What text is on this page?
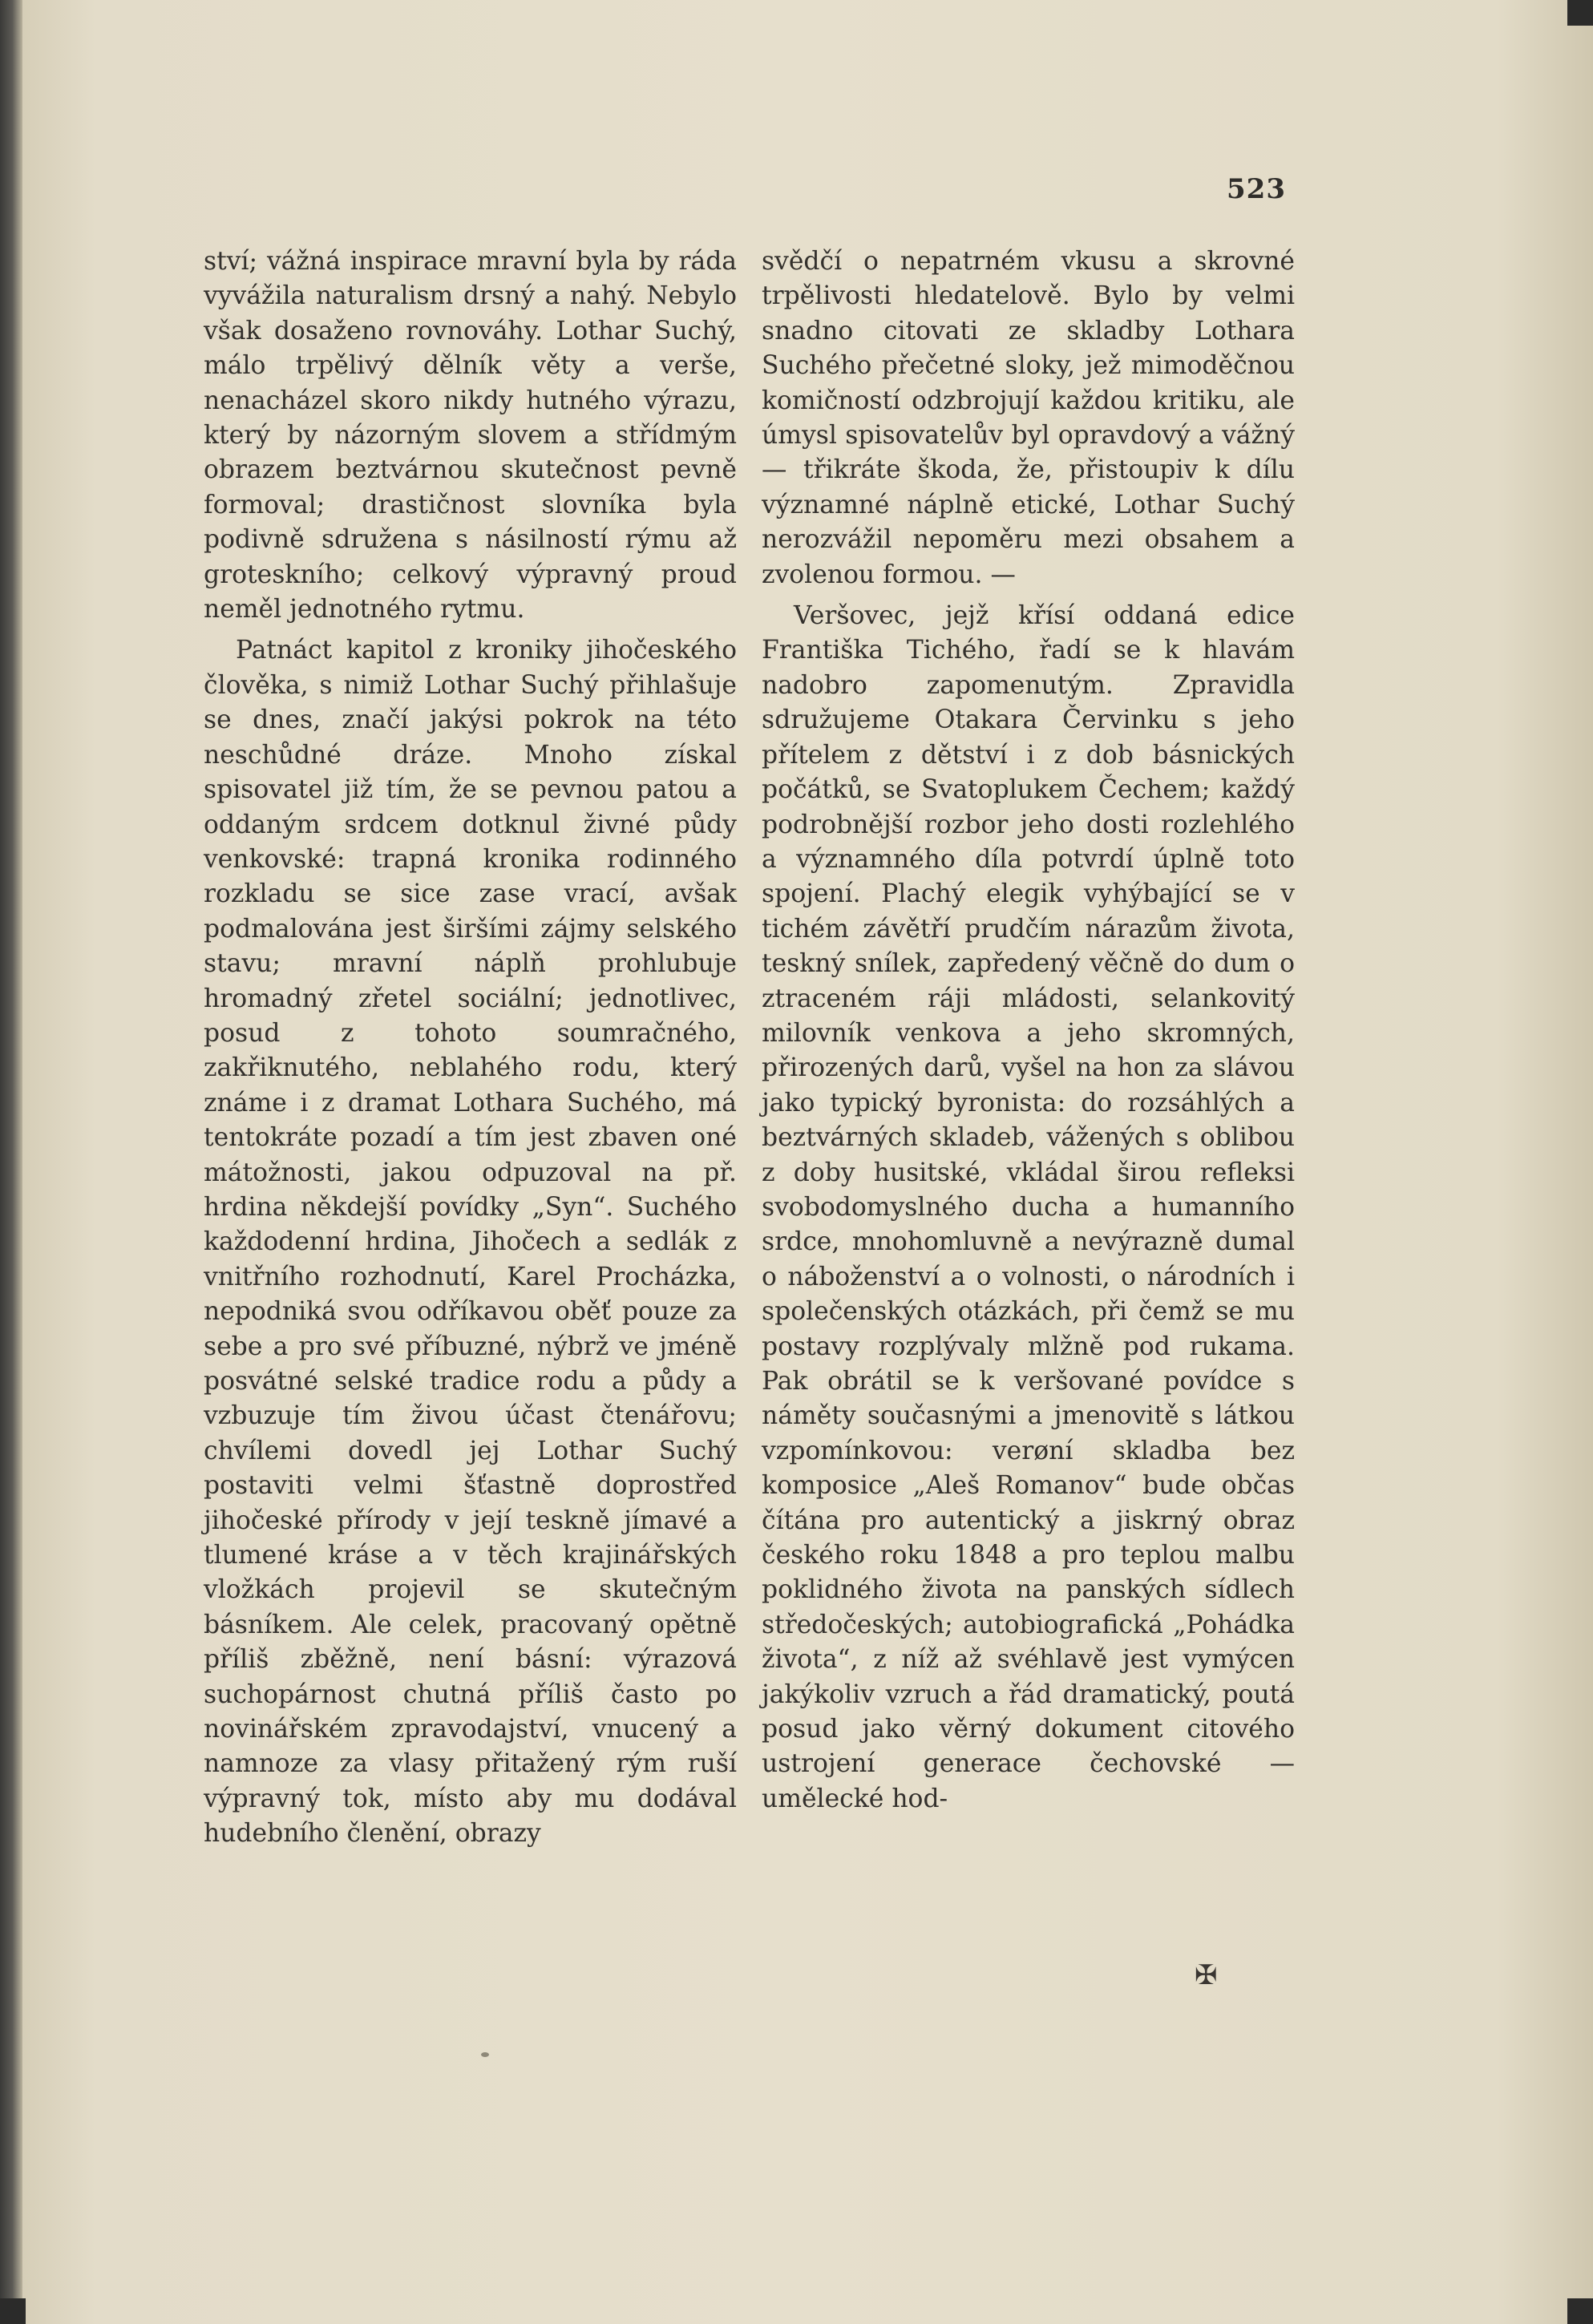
523

ství; vážná inspirace mravní byla by ráda vyvážila naturalism drsný a nahý. Nebylo však dosaženo rovnováhy. Lothar Suchý, málo trpělivý dělník věty a verše, nenacházel skoro nikdy hutného výrazu, který by názorným slovem a střídmým obrazem beztvárnou skutečnost pevně formoval; drastičnost slovníka byla podivně sdružena s násilností rýmu až groteskního; celkový výpravný proud neměl jednotného rytmu.

Patnáct kapitol z kroniky jihočeského člověka, s nimiž Lothar Suchý přihlašuje se dnes, značí jakýsi pokrok na této neschůdné dráze. Mnoho získal spisovatel již tím, že se pevnou patou a oddaným srdcem dotknul živné půdy venkovské: trapná kronika rodinného rozkladu se sice zase vrací, avšak podmalována jest širšími zájmy selského stavu; mravní náplň prohlubuje hromadný zřetel sociální; jednotlivec, posud z tohoto soumračného, zakřiknutého, neblahého rodu, který známe i z dramat Lothara Suchého, má tentokráte pozadí a tím jest zbaven oné mátožnosti, jakou odpuzoval na př. hrdina někdejší povídky „Syn“. Suchého každodenní hrdina, Jihočech a sedlák z vnitřního rozhodnutí, Karel Procházka, nepodniká svou odříkavou oběť pouze za sebe a pro své příbuzné, nýbrž ve jméně posvátné selské tradice rodu a půdy a vzbuzuje tím živou účast čtenářovu; chvílemi dovedl jej Lothar Suchý postaviti velmi šťastně doprostřed jihočeské přírody v její teskně jímavé a tlumené kráse a v těch krajinářských vložkách projevil se skutečným básníkem. Ale celek, pracovaný opětně příliš zběžně, není básní: výrazová suchopárnost chutná příliš často po novinářském zpravodajství, vnucený a namnoze za vlasy přitažený rým ruší výpravný tok, místo aby mu dodával hudebního členění, obrazy

svědčí o nepatrném vkusu a skrovné trpělivosti hledatelově. Bylo by velmi snadno citovati ze skladby Lothara Suchého přečetné sloky, jež mimoděčnou komičností odzbrojují každou kritiku, ale úmysl spisovatelův byl opravdový a vážný — třikráte škoda, že, přistoupiv k dílu významné náplně etické, Lothar Suchý nerozvážil nepoměru mezi obsahem a zvolenou formou. —

Veršovec, jejž křísí oddaná edice Františka Tichého, řadí se k hlavám nadobro zapomenutým. Zpravidla sdružujeme Otakara Červinku s jeho přítelem z dětství i z dob básnických počátků, se Svatoplukem Čechem; každý podrobnější rozbor jeho dosti rozlehlého a významného díla potvrdí úplně toto spojení. Plachý elegik vyhýbající se v tichém závětří prudčím nárazům života, teskný snílek, zapředený věčně do dum o ztraceném ráji mládosti, selankovitý milovník venkova a jeho skromných, přirozených darů, vyšel na hon za slávou jako typický byronista: do rozsáhlých a beztvárných skladeb, vážených s oblibou z doby husitské, vkládal širou refleksi svobodomyslného ducha a humanního srdce, mnohomluvně a nevýrazně dumal o náboženství a o volnosti, o národních i společenských otázkách, při čemž se mu postavy rozplývaly mlžně pod rukama. Pak obrátil se k veršované povídce s náměty současnými a jmenovitě s látkou vzpomínkovou: verøní skladba bez komposice „Aleš Romanov“ bude občas čítána pro autentický a jiskrný obraz českého roku 1848 a pro teplou malbu poklidného života na panských sídlech středočeských; autobiografická „Pohádka života“, z níž až svéhlavě jest vymýcen jakýkoliv vzruch a řád dramatický, poutá posud jako věrný dokument citového ustrojení generace čechovské — umělecké hod-

✠
